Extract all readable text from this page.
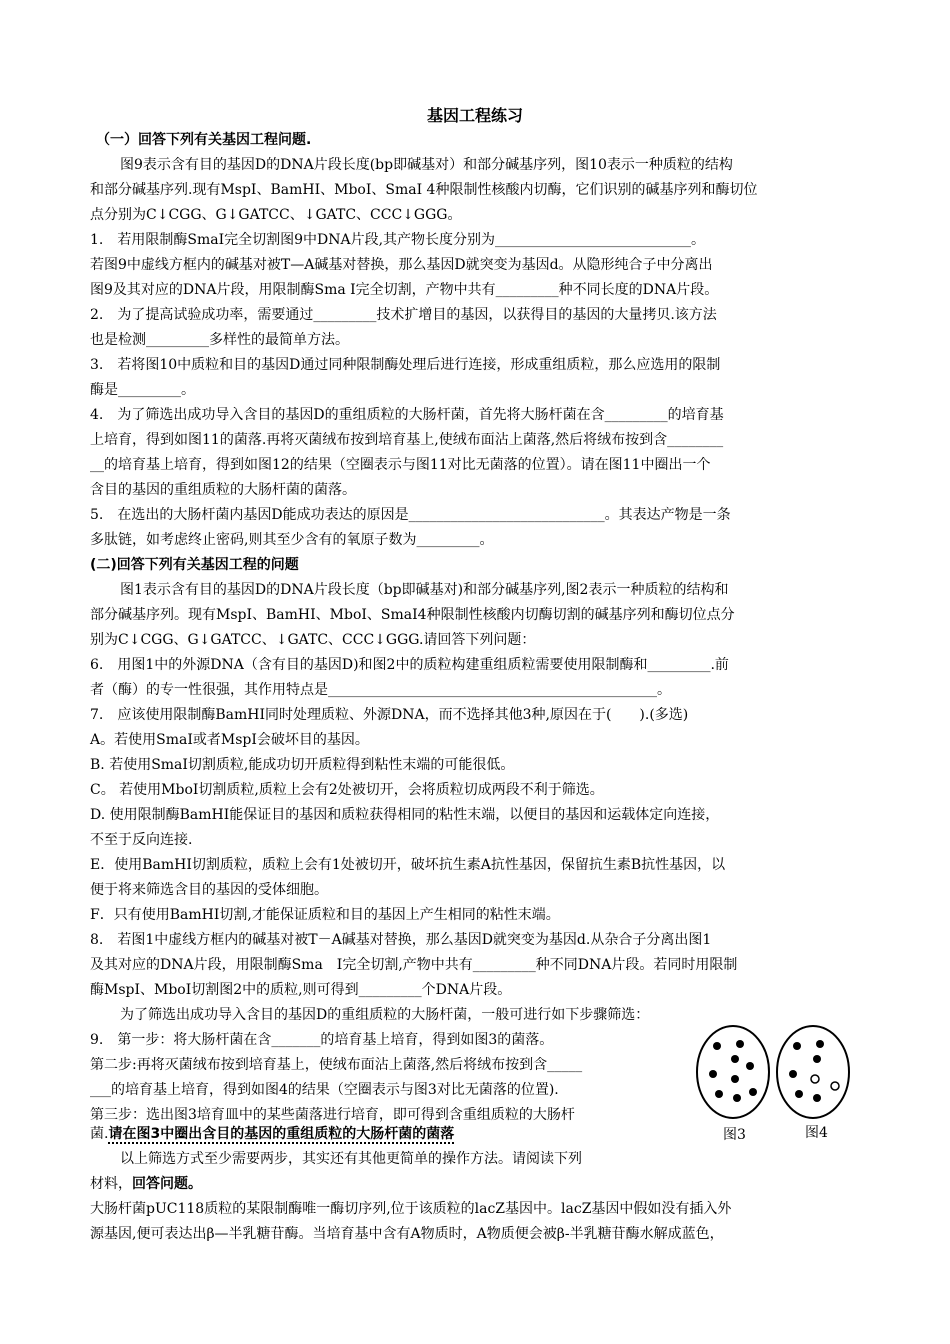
基因工程练习
（一）回答下列有关基因工程问题.
图9表示含有目的基因D的DNA片段长度(bp即碱基对）和部分碱基序列，图10表示一种质粒的结构
和部分碱基序列.现有MspI、BamHI、MboI、SmaI 4种限制性核酸内切酶，它们识别的碱基序列和酶切位
点分别为C↓CGG、G↓GATCC、↓GATC、CCC↓GGG。
1.　若用限制酶SmaI完全切割图9中DNA片段,其产物长度分别为____________________________。
若图9中虚线方框内的碱基对被T—A碱基对替换，那么基因D就突变为基因d。从隐形纯合子中分离出
图9及其对应的DNA片段，用限制酶Sma Ⅰ完全切割，产物中共有_________种不同长度的DNA片段。
2.　为了提高试验成功率，需要通过_________技术扩增目的基因，以获得目的基因的大量拷贝.该方法
也是检测_________多样性的最简单方法。
3.　若将图10中质粒和目的基因D通过同种限制酶处理后进行连接，形成重组质粒，那么应选用的限制
酶是_________。
4.　为了筛选出成功导入含目的基因D的重组质粒的大肠杆菌，首先将大肠杆菌在含_________的培育基
上培育，得到如图11的菌落.再将灭菌绒布按到培育基上,使绒布面沾上菌落,然后将绒布按到含________
__的培育基上培育，得到如图12的结果（空圈表示与图11对比无菌落的位置）。请在图11中圈出一个
含目的基因的重组质粒的大肠杆菌的菌落。
5.　在选出的大肠杆菌内基因D能成功表达的原因是____________________________。其表达产物是一条
多肽链，如考虑终止密码,则其至少含有的氧原子数为_________。
(二)回答下列有关基因工程的问题
图1表示含有目的基因D的DNA片段长度（bp即碱基对)和部分碱基序列,图2表示一种质粒的结构和
部分碱基序列。现有MspⅠ、BamHⅠ、MboⅠ、SmaⅠ4种限制性核酸内切酶切割的碱基序列和酶切位点分
别为C↓CGG、G↓GATCC、↓GATC、CCC↓GGG.请回答下列问题：
6.　用图1中的外源DNA（含有目的基因D)和图2中的质粒构建重组质粒需要使用限制酶和_________.前
者（酶）的专一性很强，其作用特点是_______________________________________________。
7.　应该使用限制酶BamHⅠ同时处理质粒、外源DNA，而不选择其他3种,原因在于(　　).(多选)
A。若使用SmaⅠ或者MspⅠ会破坏目的基因。
B. 若使用SmaⅠ切割质粒,能成功切开质粒得到粘性末端的可能很低。
C。 若使用MboⅠ切割质粒,质粒上会有2处被切开，会将质粒切成两段不利于筛选。
D. 使用限制酶BamHⅠ能保证目的基因和质粒获得相同的粘性末端，以便目的基因和运载体定向连接，
不至于反向连接.
E．使用BamHⅠ切割质粒，质粒上会有1处被切开，破坏抗生素A抗性基因，保留抗生素B抗性基因，以
便于将来筛选含目的基因的受体细胞。
F．只有使用BamHⅠ切割,才能保证质粒和目的基因上产生相同的粘性末端。
8.　若图1中虚线方框内的碱基对被T－A碱基对替换，那么基因D就突变为基因d.从杂合子分离出图1
及其对应的DNA片段，用限制酶Sma　Ⅰ完全切割,产物中共有_________种不同DNA片段。若同时用限制
酶MspⅠ、MboⅠ切割图2中的质粒,则可得到_________个DNA片段。
为了筛选出成功导入含目的基因D的重组质粒的大肠杆菌，一般可进行如下步骤筛选：
9.　第一步：将大肠杆菌在含_______的培育基上培育，得到如图3的菌落。
第二步:再将灭菌绒布按到培育基上，使绒布面沾上菌落,然后将绒布按到含_____
___的培育基上培育，得到如图4的结果（空圈表示与图3对比无菌落的位置).
第三步：选出图3培育皿中的某些菌落进行培育，即可得到含重组质粒的大肠杆
菌.请在图3中圈出含目的基因的重组质粒的大肠杆菌的菌落
以上筛选方式至少需要两步，其实还有其他更简单的操作方法。请阅读下列
材料，回答问题。
大肠杆菌pUC118质粒的某限制酶唯一酶切序列,位于该质粒的lacZ基因中。lacZ基因中假如没有插入外
源基因,便可表达出β—半乳糖苷酶。当培育基中含有A物质时，A物质便会被β-半乳糖苷酶水解成蓝色，
图3	图4
